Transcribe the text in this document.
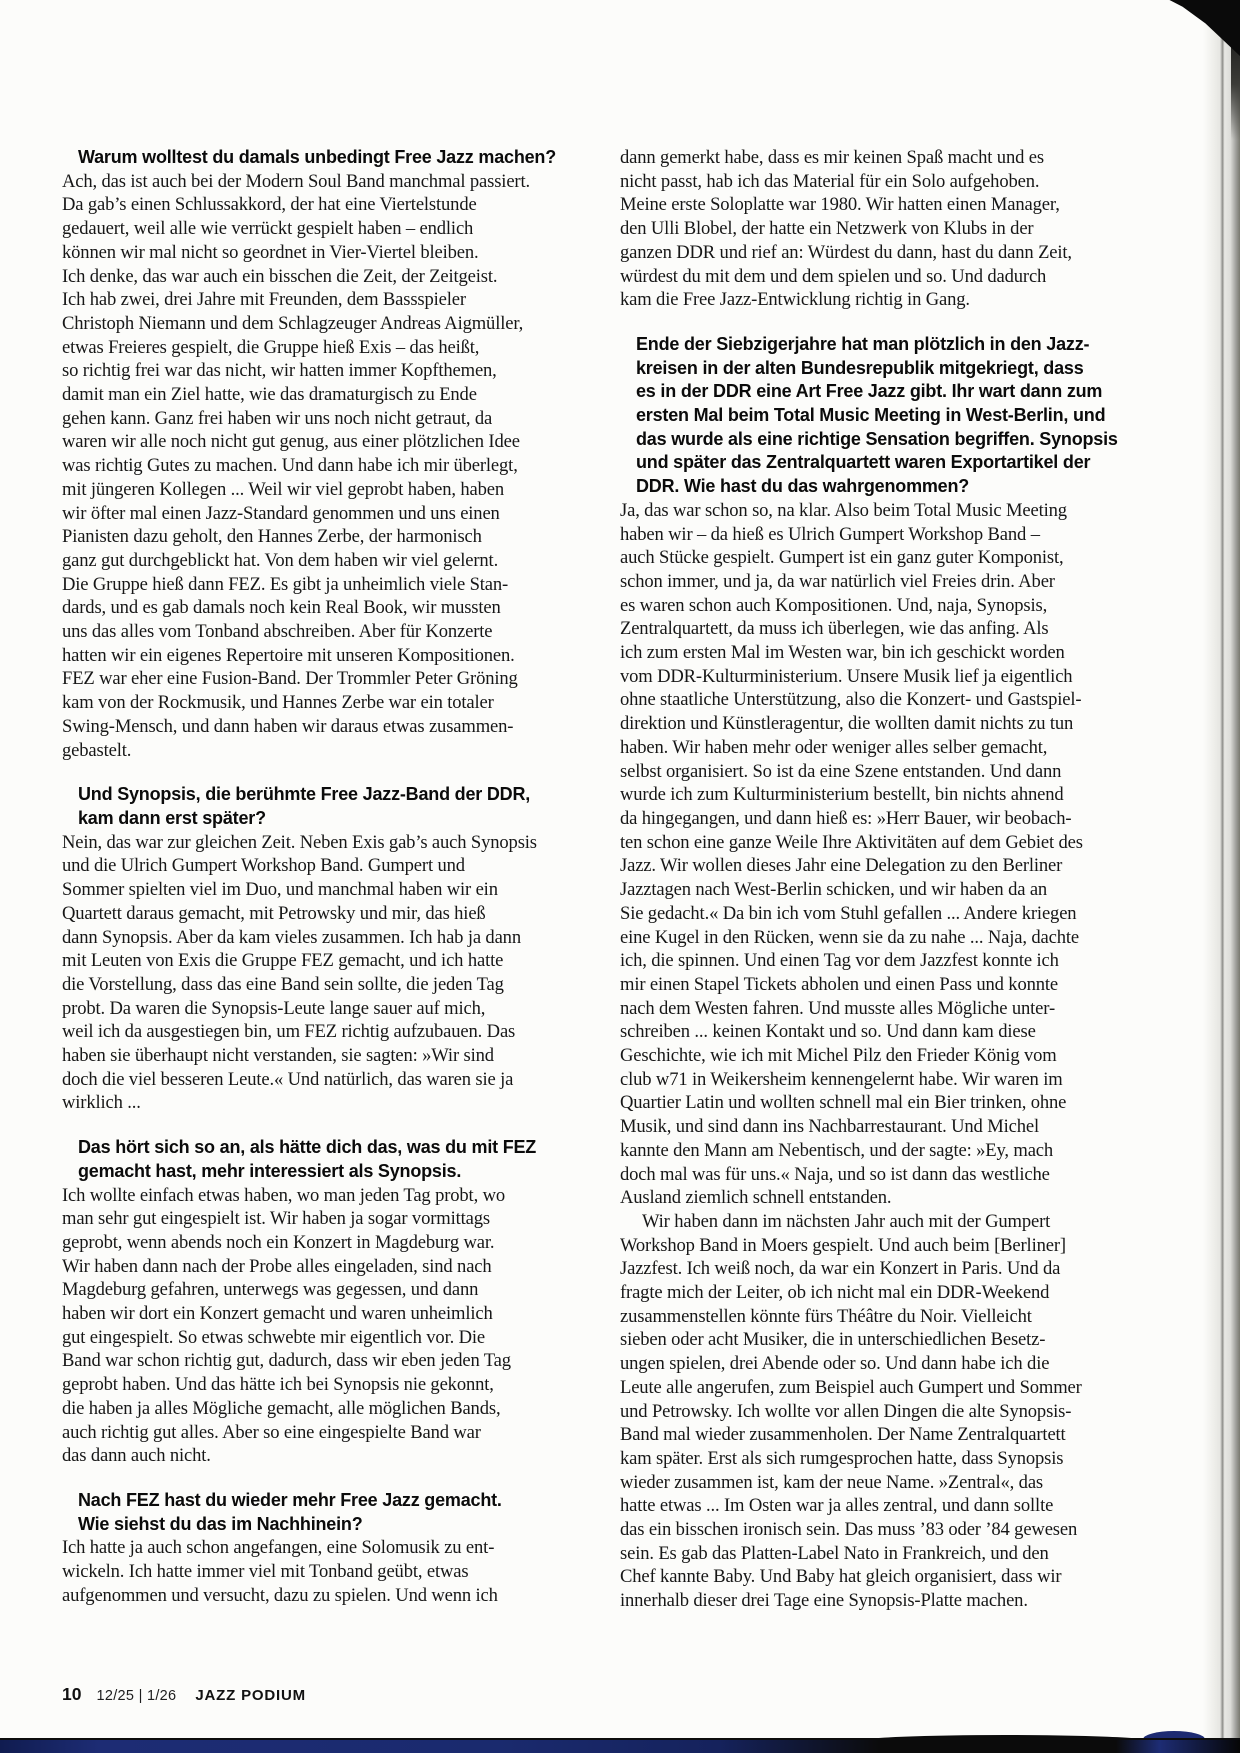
Warum wolltest du damals unbedingt Free Jazz machen?
Ach, das ist auch bei der Modern Soul Band manchmal passiert.
Da gab’s einen Schlussakkord, der hat eine Viertelstunde
gedauert, weil alle wie verrückt gespielt haben – endlich
können wir mal nicht so geordnet in Vier-Viertel bleiben.
Ich denke, das war auch ein bisschen die Zeit, der Zeitgeist.
Ich hab zwei, drei Jahre mit Freunden, dem Bassspieler
Christoph Niemann und dem Schlagzeuger Andreas Aigmüller,
etwas Freieres gespielt, die Gruppe hieß Exis – das heißt,
so richtig frei war das nicht, wir hatten immer Kopfthemen,
damit man ein Ziel hatte, wie das dramaturgisch zu Ende
gehen kann. Ganz frei haben wir uns noch nicht getraut, da
waren wir alle noch nicht gut genug, aus einer plötzlichen Idee
was richtig Gutes zu machen. Und dann habe ich mir überlegt,
mit jüngeren Kollegen ... Weil wir viel geprobt haben, haben
wir öfter mal einen Jazz-Standard genommen und uns einen
Pianisten dazu geholt, den Hannes Zerbe, der harmonisch
ganz gut durchgeblickt hat. Von dem haben wir viel gelernt.
Die Gruppe hieß dann FEZ. Es gibt ja unheimlich viele Stan-
dards, und es gab damals noch kein Real Book, wir mussten
uns das alles vom Tonband abschreiben. Aber für Konzerte
hatten wir ein eigenes Repertoire mit unseren Kompositionen.
FEZ war eher eine Fusion-Band. Der Trommler Peter Gröning
kam von der Rockmusik, und Hannes Zerbe war ein totaler
Swing-Mensch, und dann haben wir daraus etwas zusammen-
gebastelt.
Und Synopsis, die berühmte Free Jazz-Band der DDR,
kam dann erst später?
Nein, das war zur gleichen Zeit. Neben Exis gab’s auch Synopsis
und die Ulrich Gumpert Workshop Band. Gumpert und
Sommer spielten viel im Duo, und manchmal haben wir ein
Quartett daraus gemacht, mit Petrowsky und mir, das hieß
dann Synopsis. Aber da kam vieles zusammen. Ich hab ja dann
mit Leuten von Exis die Gruppe FEZ gemacht, und ich hatte
die Vorstellung, dass das eine Band sein sollte, die jeden Tag
probt. Da waren die Synopsis-Leute lange sauer auf mich,
weil ich da ausgestiegen bin, um FEZ richtig aufzubauen. Das
haben sie überhaupt nicht verstanden, sie sagten: »Wir sind
doch die viel besseren Leute.« Und natürlich, das waren sie ja
wirklich ...
Das hört sich so an, als hätte dich das, was du mit FEZ
gemacht hast, mehr interessiert als Synopsis.
Ich wollte einfach etwas haben, wo man jeden Tag probt, wo
man sehr gut eingespielt ist. Wir haben ja sogar vormittags
geprobt, wenn abends noch ein Konzert in Magdeburg war.
Wir haben dann nach der Probe alles eingeladen, sind nach
Magdeburg gefahren, unterwegs was gegessen, und dann
haben wir dort ein Konzert gemacht und waren unheimlich
gut eingespielt. So etwas schwebte mir eigentlich vor. Die
Band war schon richtig gut, dadurch, dass wir eben jeden Tag
geprobt haben. Und das hätte ich bei Synopsis nie gekonnt,
die haben ja alles Mögliche gemacht, alle möglichen Bands,
auch richtig gut alles. Aber so eine eingespielte Band war
das dann auch nicht.
Nach FEZ hast du wieder mehr Free Jazz gemacht.
Wie siehst du das im Nachhinein?
Ich hatte ja auch schon angefangen, eine Solomusik zu ent-
wickeln. Ich hatte immer viel mit Tonband geübt, etwas
aufgenommen und versucht, dazu zu spielen. Und wenn ich
dann gemerkt habe, dass es mir keinen Spaß macht und es
nicht passt, hab ich das Material für ein Solo aufgehoben.
Meine erste Soloplatte war 1980. Wir hatten einen Manager,
den Ulli Blobel, der hatte ein Netzwerk von Klubs in der
ganzen DDR und rief an: Würdest du dann, hast du dann Zeit,
würdest du mit dem und dem spielen und so. Und dadurch
kam die Free Jazz-Entwicklung richtig in Gang.
Ende der Siebzigerjahre hat man plötzlich in den Jazz-
kreisen in der alten Bundesrepublik mitgekriegt, dass
es in der DDR eine Art Free Jazz gibt. Ihr wart dann zum
ersten Mal beim Total Music Meeting in West-Berlin, und
das wurde als eine richtige Sensation begriffen. Synopsis
und später das Zentralquartett waren Exportartikel der
DDR. Wie hast du das wahrgenommen?
Ja, das war schon so, na klar. Also beim Total Music Meeting
haben wir – da hieß es Ulrich Gumpert Workshop Band –
auch Stücke gespielt. Gumpert ist ein ganz guter Komponist,
schon immer, und ja, da war natürlich viel Freies drin. Aber
es waren schon auch Kompositionen. Und, naja, Synopsis,
Zentralquartett, da muss ich überlegen, wie das anfing. Als
ich zum ersten Mal im Westen war, bin ich geschickt worden
vom DDR-Kulturministerium. Unsere Musik lief ja eigentlich
ohne staatliche Unterstützung, also die Konzert- und Gastspiel-
direktion und Künstleragentur, die wollten damit nichts zu tun
haben. Wir haben mehr oder weniger alles selber gemacht,
selbst organisiert. So ist da eine Szene entstanden. Und dann
wurde ich zum Kulturministerium bestellt, bin nichts ahnend
da hingegangen, und dann hieß es: »Herr Bauer, wir beobach-
ten schon eine ganze Weile Ihre Aktivitäten auf dem Gebiet des
Jazz. Wir wollen dieses Jahr eine Delegation zu den Berliner
Jazztagen nach West-Berlin schicken, und wir haben da an
Sie gedacht.« Da bin ich vom Stuhl gefallen ... Andere kriegen
eine Kugel in den Rücken, wenn sie da zu nahe ... Naja, dachte
ich, die spinnen. Und einen Tag vor dem Jazzfest konnte ich
mir einen Stapel Tickets abholen und einen Pass und konnte
nach dem Westen fahren. Und musste alles Mögliche unter-
schreiben ... keinen Kontakt und so. Und dann kam diese
Geschichte, wie ich mit Michel Pilz den Frieder König vom
club w71 in Weikersheim kennengelernt habe. Wir waren im
Quartier Latin und wollten schnell mal ein Bier trinken, ohne
Musik, und sind dann ins Nachbarrestaurant. Und Michel
kannte den Mann am Nebentisch, und der sagte: »Ey, mach
doch mal was für uns.« Naja, und so ist dann das westliche
Ausland ziemlich schnell entstanden.
Wir haben dann im nächsten Jahr auch mit der Gumpert
Workshop Band in Moers gespielt. Und auch beim [Berliner]
Jazzfest. Ich weiß noch, da war ein Konzert in Paris. Und da
fragte mich der Leiter, ob ich nicht mal ein DDR-Weekend
zusammenstellen könnte fürs Théâtre du Noir. Vielleicht
sieben oder acht Musiker, die in unterschiedlichen Besetz-
ungen spielen, drei Abende oder so. Und dann habe ich die
Leute alle angerufen, zum Beispiel auch Gumpert und Sommer
und Petrowsky. Ich wollte vor allen Dingen die alte Synopsis-
Band mal wieder zusammenholen. Der Name Zentralquartett
kam später. Erst als sich rumgesprochen hatte, dass Synopsis
wieder zusammen ist, kam der neue Name. »Zentral«, das
hatte etwas ... Im Osten war ja alles zentral, und dann sollte
das ein bisschen ironisch sein. Das muss ’83 oder ’84 gewesen
sein. Es gab das Platten-Label Nato in Frankreich, und den
Chef kannte Baby. Und Baby hat gleich organisiert, dass wir
innerhalb dieser drei Tage eine Synopsis-Platte machen.
10 12/25 | 1/26 JAZZ PODIUM
